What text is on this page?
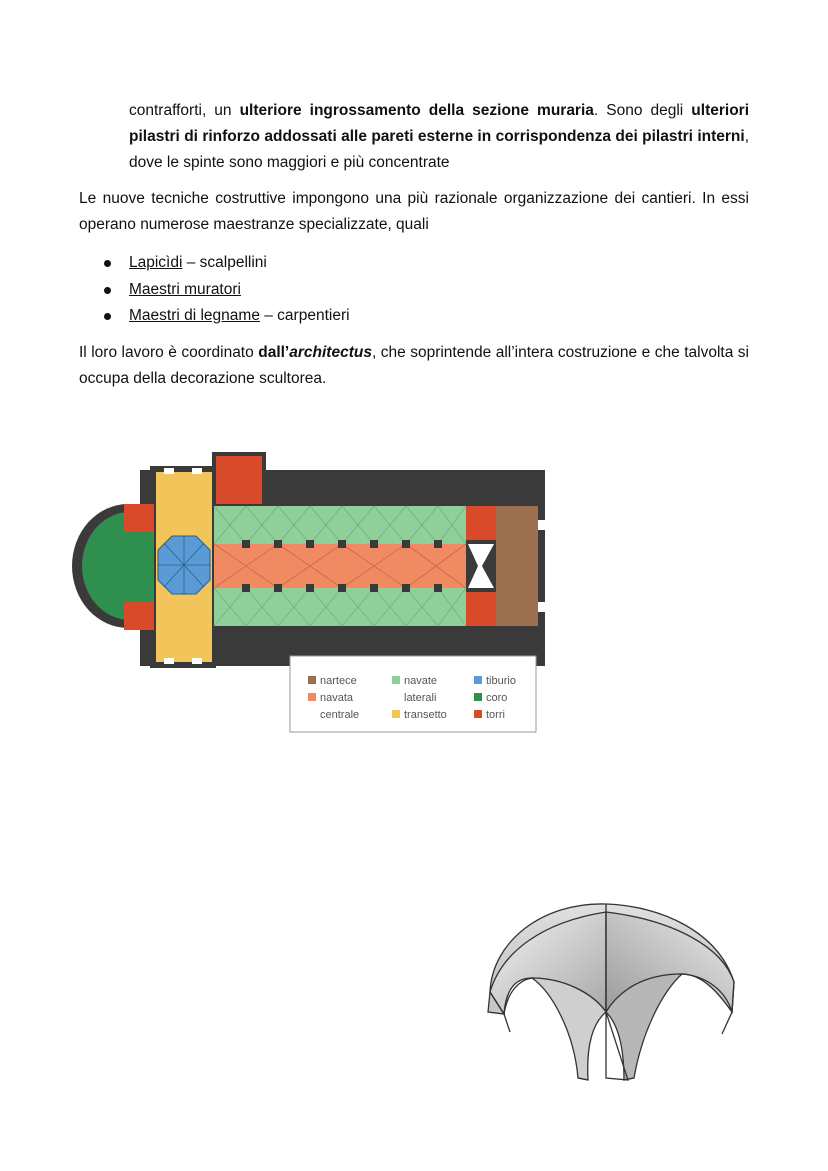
contrafforti, un ulteriore ingrossamento della sezione muraria. Sono degli ulteriori pilastri di rinforzo addossati alle pareti esterne in corrispondenza dei pilastri interni, dove le spinte sono maggiori e più concentrate
Le nuove tecniche costruttive impongono una più razionale organizzazione dei cantieri. In essi operano numerose maestranze specializzate, quali
Lapicìdi – scalpellini
Maestri muratori
Maestri di legname – carpentieri
Il loro lavoro è coordinato dall’architectus, che soprintende all’intera costruzione e che talvolta si occupa della decorazione scultorea.
nartece
navata
centrale
navate
laterali
transetto
tiburio
coro
torri
